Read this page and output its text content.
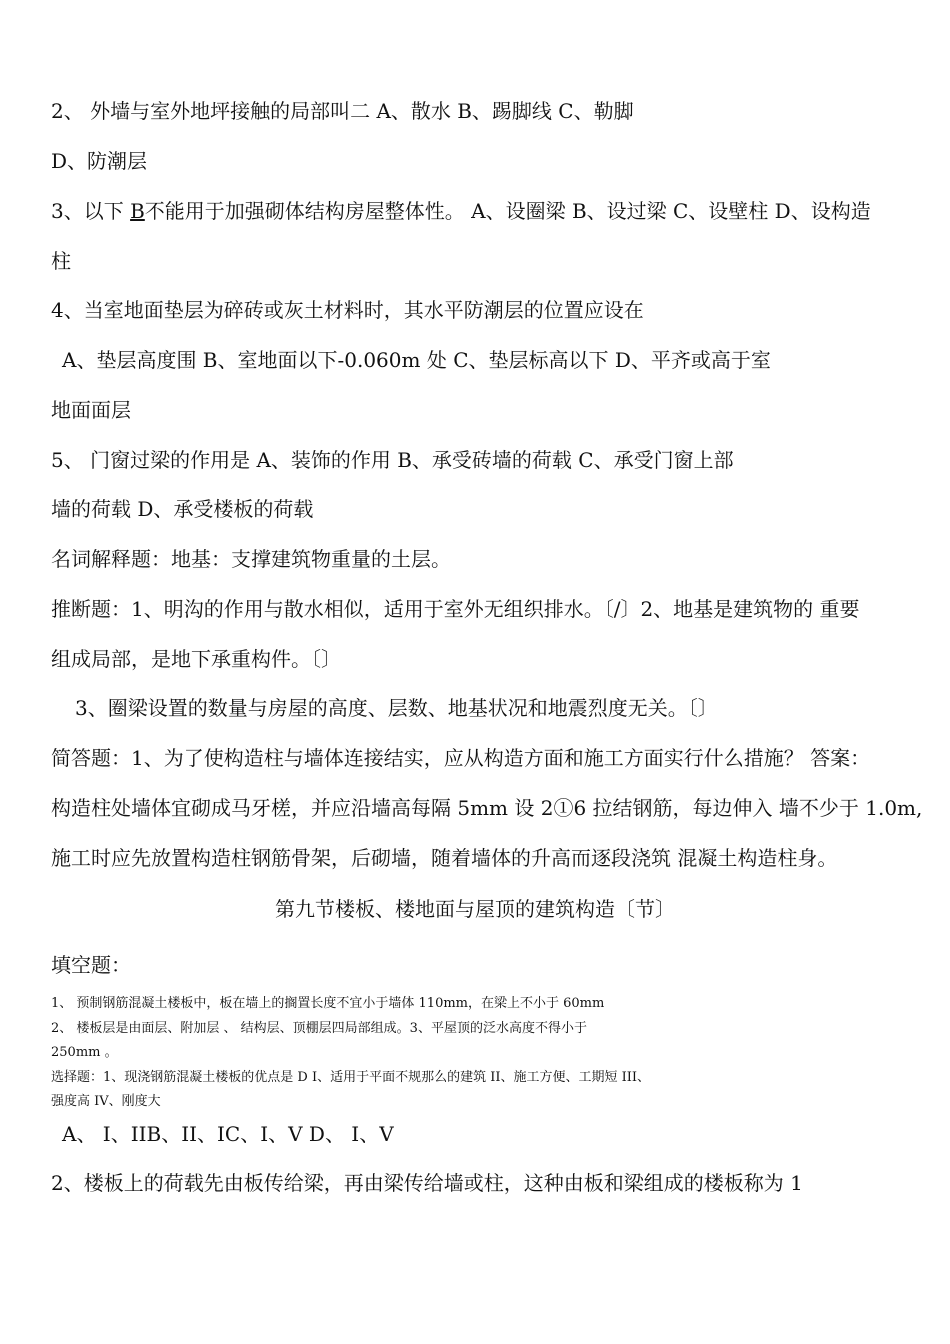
2、 外墙与室外地坪接触的局部叫二 A、散水 B、踢脚线 C、勒脚
D、防潮层
3、以下 B不能用于加强砌体结构房屋整体性。 A、设圈梁 B、设过梁 C、设壁柱 D、设构造
柱
4、当室地面垫层为碎砖或灰土材料时，其水平防潮层的位置应设在
A、垫层高度围 B、室地面以下-0.060m 处 C、垫层标高以下 D、平齐或高于室
地面面层
5、 门窗过梁的作用是 A、装饰的作用 B、承受砖墙的荷载 C、承受门窗上部
墙的荷载 D、承受楼板的荷载
名词解释题：地基：支撑建筑物重量的土层。
推断题：1、明沟的作用与散水相似，适用于室外无组织排水。〔/〕2、地基是建筑物的 重要
组成局部，是地下承重构件。〔〕
3、圈梁设置的数量与房屋的高度、层数、地基状况和地震烈度无关。〔〕
简答题：1、为了使构造柱与墙体连接结实，应从构造方面和施工方面实行什么措施？ 答案：
构造柱处墙体宜砌成马牙槎，并应沿墙高每隔 5mm 设 2①6 拉结钢筋，每边伸入 墙不少于 1.0m,
施工时应先放置构造柱钢筋骨架，后砌墙，随着墙体的升高而逐段浇筑 混凝土构造柱身。
第九节楼板、楼地面与屋顶的建筑构造〔节〕
填空题：
1、 预制钢筋混凝土楼板中，板在墙上的搁置长度不宜小于墙体 110mm，在梁上不小于 60mm
2、 楼板层是由面层、附加层 、 结构层、顶棚层四局部组成。3、平屋顶的泛水高度不得小于
250mm 。
选择题：1、现浇钢筋混凝土楼板的优点是 D I、适用于平面不规那么的建筑 II、施工方便、工期短 III、
强度高 IV、刚度大
A、 I、IIB、II、IC、I、V D、 I、V
2、楼板上的荷载先由板传给梁，再由梁传给墙或柱，这种由板和梁组成的楼板称为 1
